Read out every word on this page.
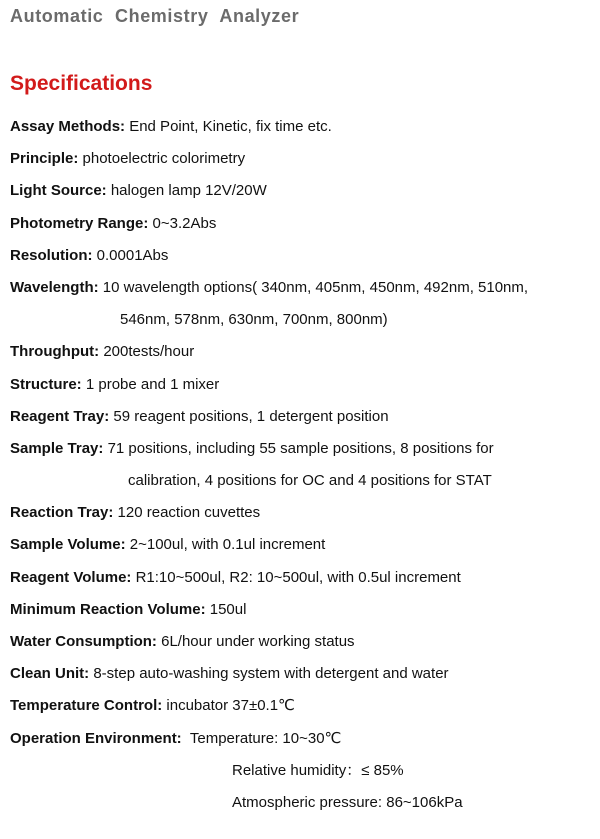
Automatic Chemistry Analyzer
Specifications
Assay Methods: End Point, Kinetic, fix time etc.
Principle: photoelectric colorimetry
Light Source: halogen lamp 12V/20W
Photometry Range: 0~3.2Abs
Resolution: 0.0001Abs
Wavelength: 10 wavelength options( 340nm, 405nm, 450nm, 492nm, 510nm,
546nm, 578nm, 630nm, 700nm, 800nm)
Throughput: 200tests/hour
Structure: 1 probe and 1 mixer
Reagent Tray: 59 reagent positions, 1 detergent position
Sample Tray: 71 positions, including 55 sample positions, 8 positions for
calibration, 4 positions for OC and 4 positions for STAT
Reaction Tray: 120 reaction cuvettes
Sample Volume: 2~100ul, with 0.1ul increment
Reagent Volume: R1:10~500ul, R2: 10~500ul, with 0.5ul increment
Minimum Reaction Volume: 150ul
Water Consumption: 6L/hour under working status
Clean Unit: 8-step auto-washing system with detergent and water
Temperature Control: incubator 37±0.1℃
Operation Environment: Temperature: 10~30℃
Relative humidity：≤ 85%
Atmospheric pressure: 86~106kPa
